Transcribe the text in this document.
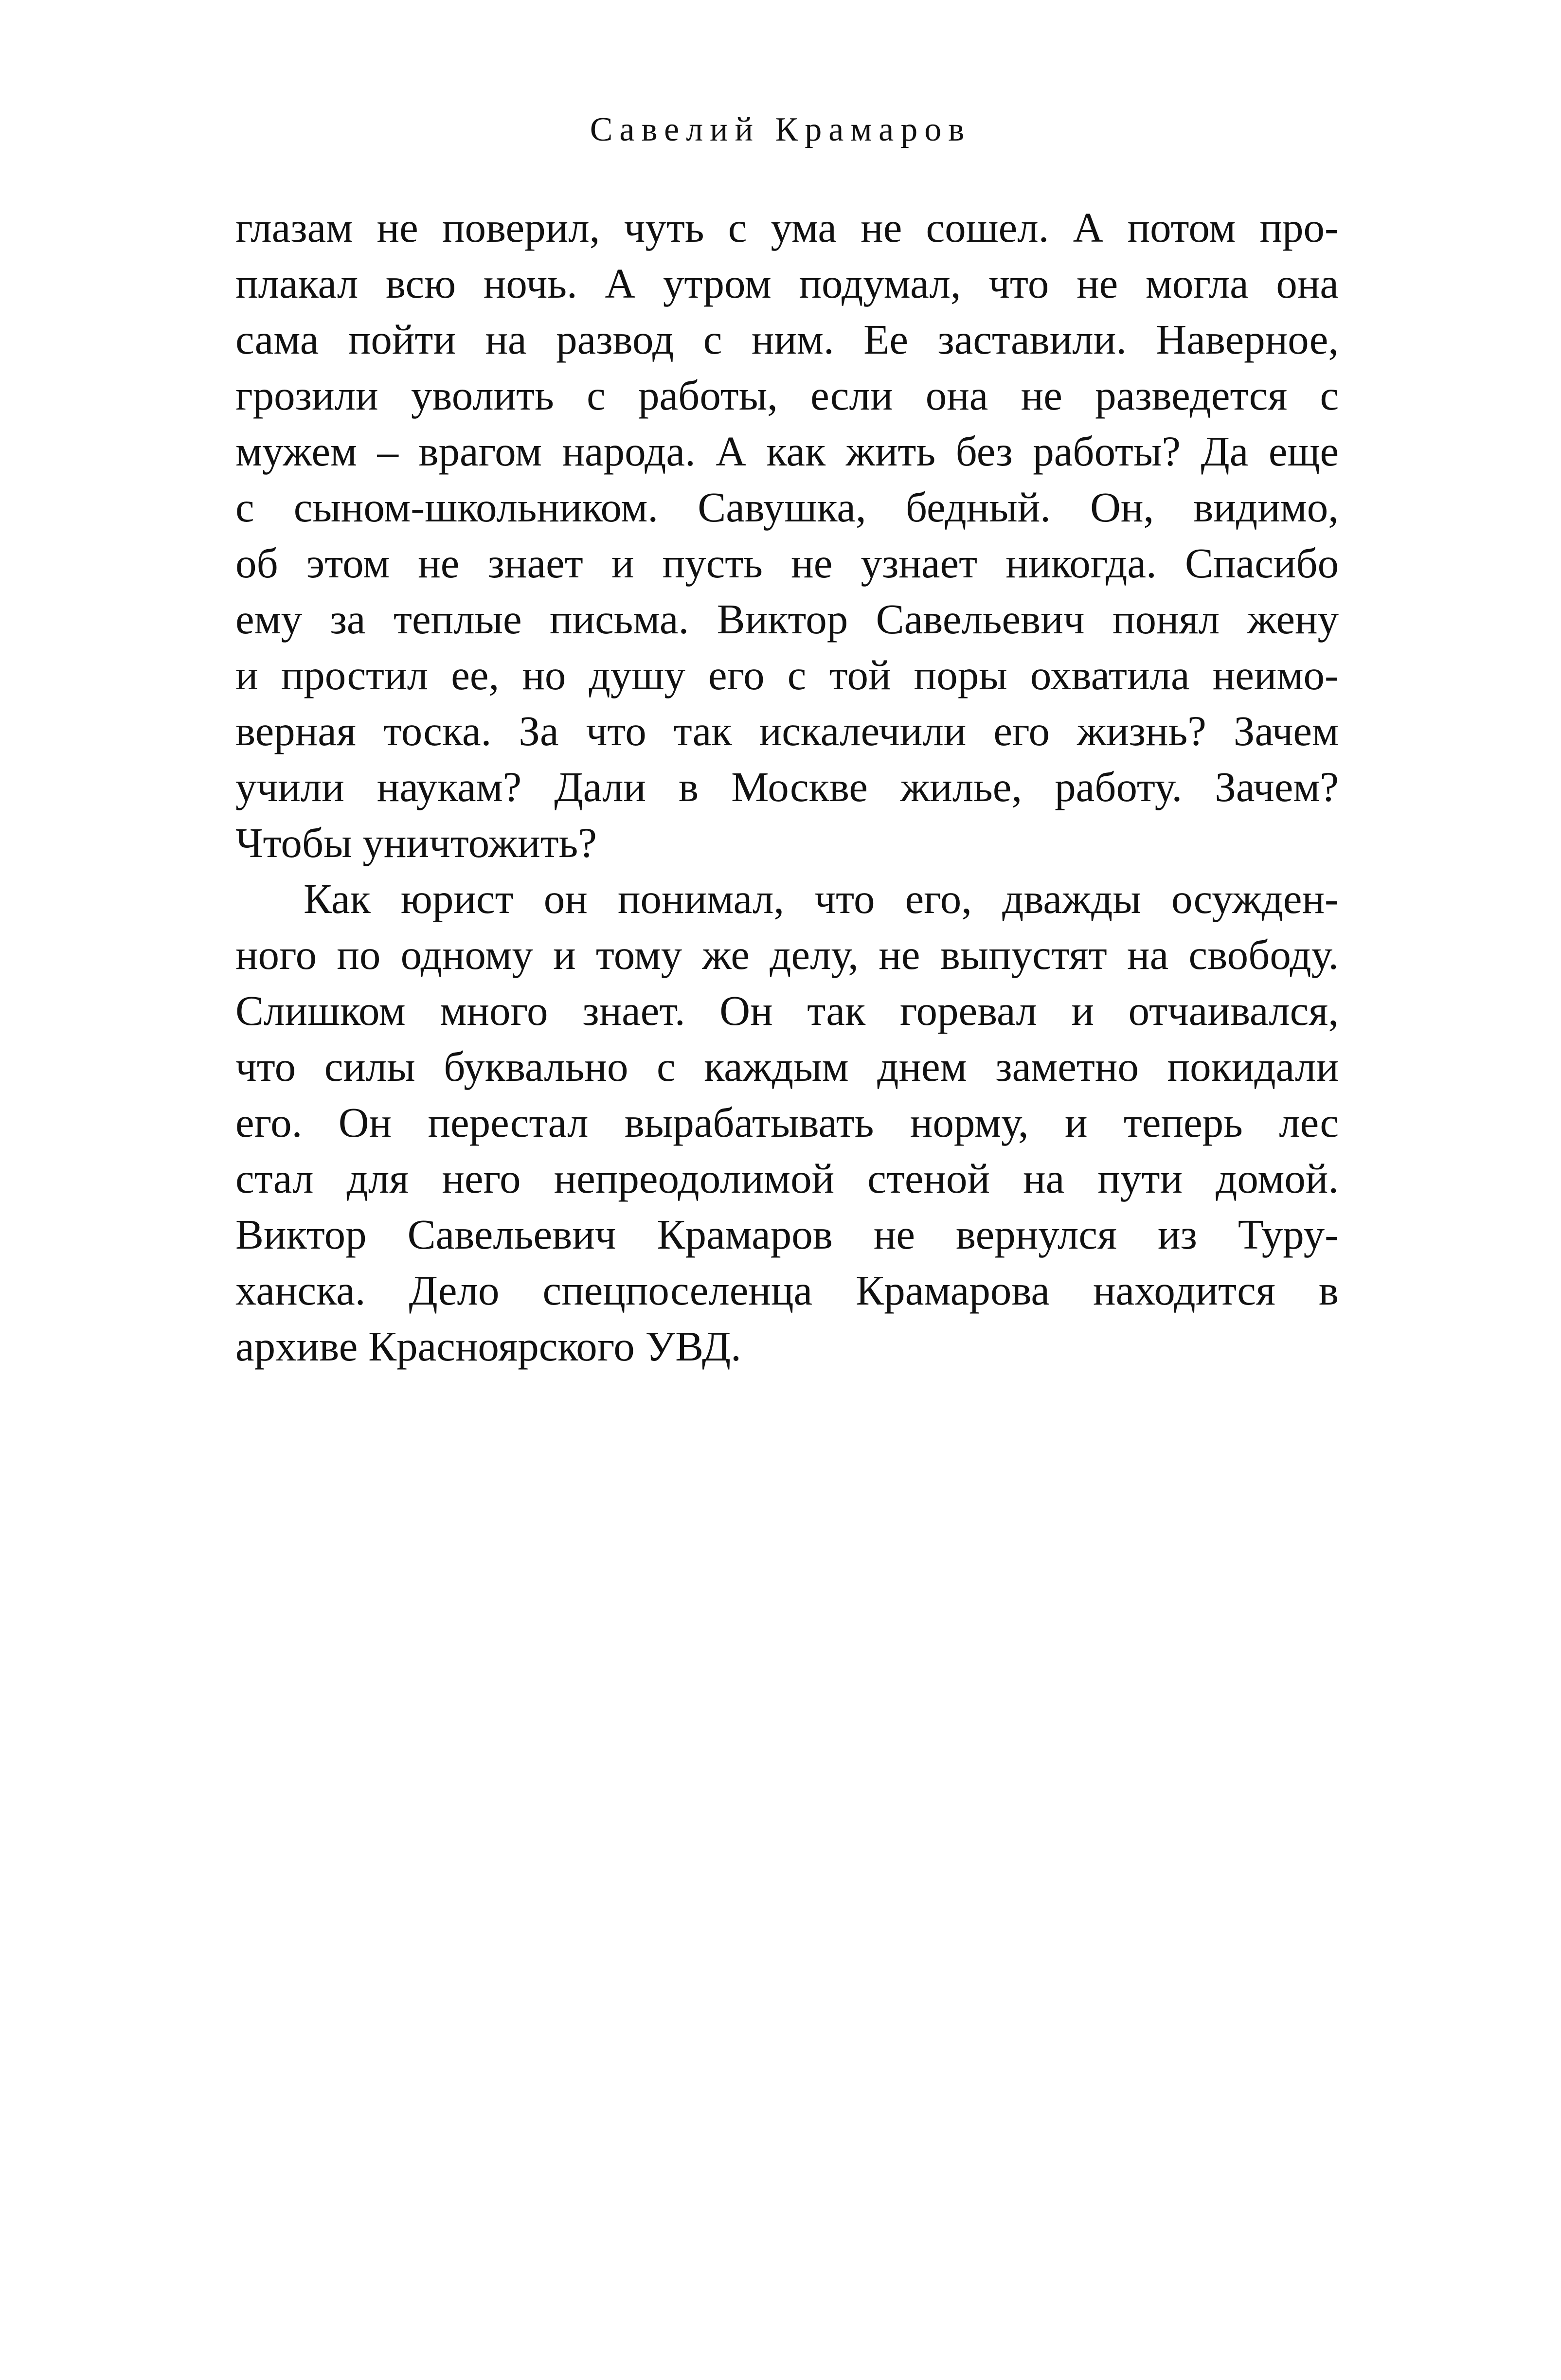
Савелий Крамаров
глазам не поверил, чуть с ума не сошел. А потом про-
плакал всю ночь. А утром подумал, что не могла она
сама пойти на развод с ним. Ее заставили. Наверное,
грозили уволить с работы, если она не разведется с
мужем – врагом народа. А как жить без работы? Да еще
с сыном-школьником. Савушка, бедный. Он, видимо,
об этом не знает и пусть не узнает никогда. Спасибо
ему за теплые письма. Виктор Савельевич понял жену
и простил ее, но душу его с той поры охватила неимо-
верная тоска. За что так искалечили его жизнь? Зачем
учили наукам? Дали в Москве жилье, работу. Зачем?
Чтобы уничтожить?
Как юрист он понимал, что его, дважды осужден-
ного по одному и тому же делу, не выпустят на свободу.
Слишком много знает. Он так горевал и отчаивался,
что силы буквально с каждым днем заметно покидали
его. Он перестал вырабатывать норму, и теперь лес
стал для него непреодолимой стеной на пути домой.
Виктор Савельевич Крамаров не вернулся из Туру-
ханска. Дело спецпоселенца Крамарова находится в
архиве Красноярского УВД.
